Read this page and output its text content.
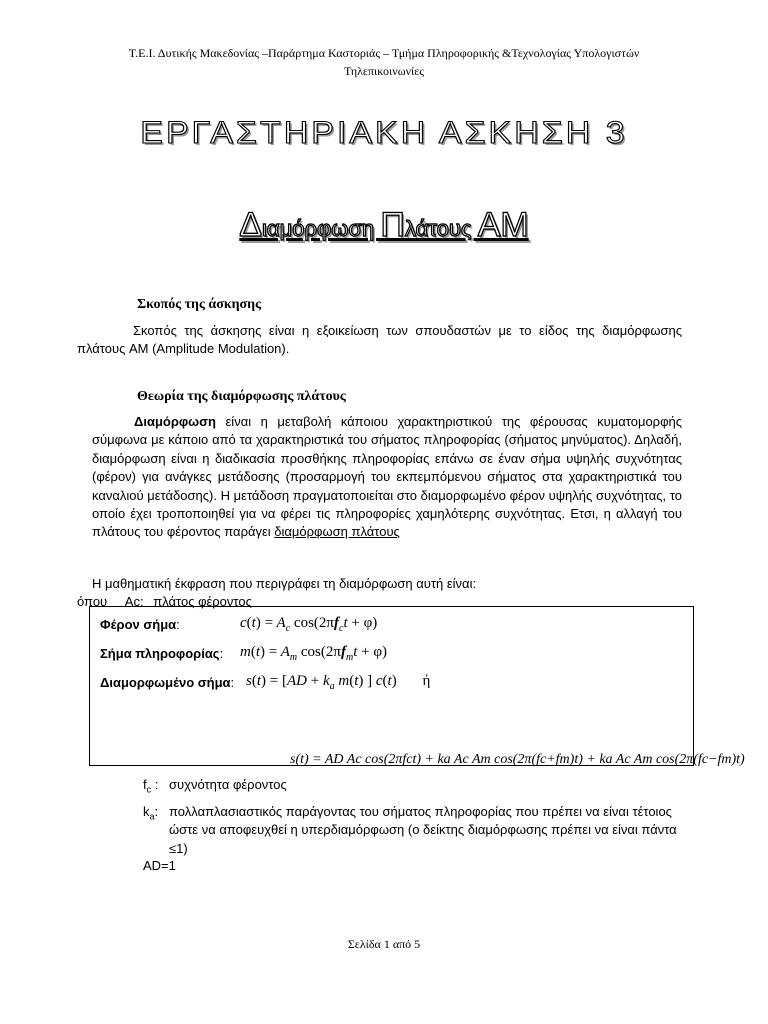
Τ.Ε.Ι. Δυτικής Μακεδονίας –Παράρτημα Καστοριάς – Τμήμα Πληροφορικής &Τεχνολογίας Υπολογιστών
Τηλεπικοινωνίες
ΕΡΓΑΣΤΗΡΙΑΚΗ ΑΣΚΗΣΗ 3
Διαμόρφωση Πλάτους ΑΜ
Σκοπός της άσκησης
Σκοπός της άσκησης είναι η εξοικείωση των σπουδαστών με το είδος της διαμόρφωσης πλάτους AM (Amplitude Modulation).
Θεωρία της διαμόρφωσης πλάτους
Διαμόρφωση είναι η μεταβολή κάποιου χαρακτηριστικού της φέρουσας κυματομορφής σύμφωνα με κάποιο από τα χαρακτηριστικά του σήματος πληροφορίας (σήματος μηνύματος). Δηλαδή, διαμόρφωση είναι η διαδικασία προσθήκης πληροφορίας επάνω σε έναν σήμα υψηλής συχνότητας (φέρον) για ανάγκες μετάδοσης (προσαρμογή του εκπεμπόμενου σήματος στα χαρακτηριστικά του καναλιού μετάδοσης). Η μετάδοση πραγματοποιείται στο διαμορφωμένο φέρον υψηλής συχνότητας, το οποίο έχει τροποποιηθεί για να φέρει τις πληροφορίες χαμηλότερης συχνότητας. Ετσι, η αλλαγή του πλάτους του φέροντος παράγει διαμόρφωση πλάτους
Η μαθηματική έκφραση που περιγράφει τη διαμόρφωση αυτή είναι:
όπου Ac: πλάτος φέροντος
Φέρον σήμα:	$c(t) = A_c$ $\cos(2\pi f_ct + \varphi)$
Σήμα πληροφορίας: $m(t) = A_m$ $\cos(2\pi f_mt + \varphi)$
Διαμορφωμένο σήμα: $s(t) = [AD + k_a$ m(t) ] c(t) ή
s(t) = AD Ac cos(2πfct) + ka Ac Am cos(2π(fc+fm)t) + ka Ac Am cos(2π(fc−fm)t)
$f_c$ : συχνότητα φέροντος
$k_a$: πολλαπλασιαστικός παράγοντας του σήματος πληροφορίας που πρέπει να είναι τέτοιος ώστε να αποφευχθεί η υπερδιαμόρφωση (ο δείκτης διαμόρφωσης πρέπει να είναι πάντα ≤1)
AD=1
Σελίδα 1 από 5
